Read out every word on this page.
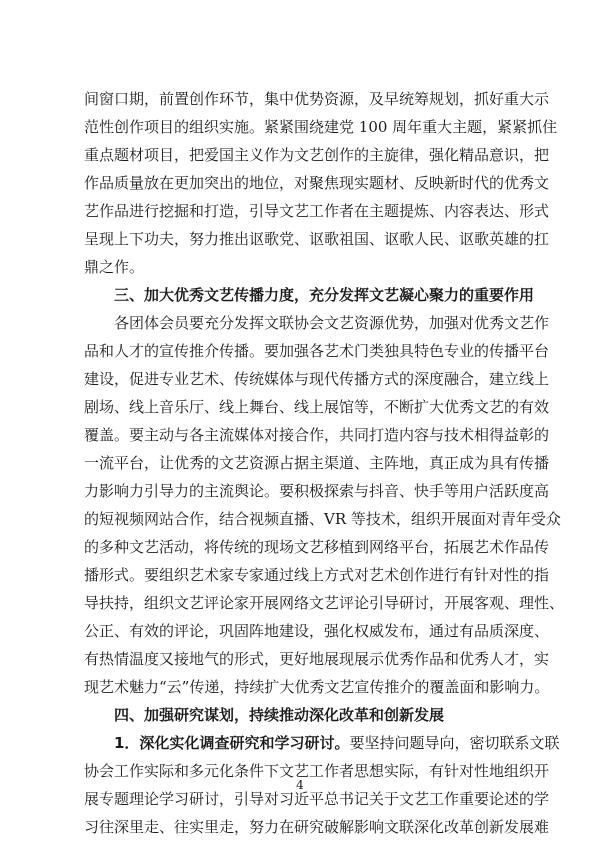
间窗口期，前置创作环节，集中优势资源，及早统筹规划，抓好重大示
范性创作项目的组织实施。紧紧围绕建党 100 周年重大主题，紧紧抓住
重点题材项目，把爱国主义作为文艺创作的主旋律，强化精品意识，把
作品质量放在更加突出的地位，对聚焦现实题材、反映新时代的优秀文
艺作品进行挖掘和打造，引导文艺工作者在主题提炼、内容表达、形式
呈现上下功夫，努力推出讴歌党、讴歌祖国、讴歌人民、讴歌英雄的扛
鼎之作。
三、加大优秀文艺传播力度，充分发挥文艺凝心聚力的重要作用
各团体会员要充分发挥文联协会文艺资源优势，加强对优秀文艺作
品和人才的宣传推介传播。要加强各艺术门类独具特色专业的传播平台
建设，促进专业艺术、传统媒体与现代传播方式的深度融合，建立线上
剧场、线上音乐厅、线上舞台、线上展馆等，不断扩大优秀文艺的有效
覆盖。要主动与各主流媒体对接合作，共同打造内容与技术相得益彰的
一流平台，让优秀的文艺资源占据主渠道、主阵地，真正成为具有传播
力影响力引导力的主流舆论。要积极探索与抖音、快手等用户活跃度高
的短视频网站合作，结合视频直播、VR 等技术，组织开展面对青年受众
的多种文艺活动，将传统的现场文艺移植到网络平台，拓展艺术作品传
播形式。要组织艺术家专家通过线上方式对艺术创作进行有针对性的指
导扶持，组织文艺评论家开展网络文艺评论引导研讨，开展客观、理性、
公正、有效的评论，巩固阵地建设，强化权威发布，通过有品质深度、
有热情温度又接地气的形式，更好地展现展示优秀作品和优秀人才，实
现艺术魅力“云”传递，持续扩大优秀文艺宣传推介的覆盖面和影响力。
四、加强研究谋划，持续推动深化改革和创新发展
1．深化实化调查研究和学习研讨。要坚持问题导向，密切联系文联
协会工作实际和多元化条件下文艺工作者思想实际，有针对性地组织开
展专题理论学习研讨，引导对习近平总书记关于文艺工作重要论述的学
习往深里走、往实里走，努力在研究破解影响文联深化改革创新发展难
4
